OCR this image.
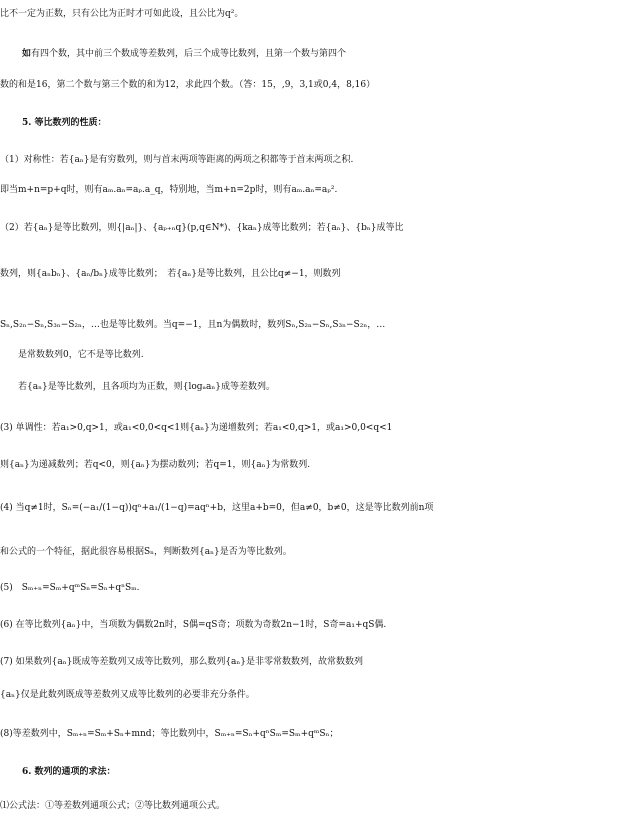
比不一定为正数，只有公比为正时才可如此设，且公比为q²。
如有四个数，其中前三个数成等差数列，后三个成等比数列，且第一个数与第四个
数的和是16，第二个数与第三个数的和为12，求此四个数。（答：15，,9，3,1或0,4，8,16）
5. 等比数列的性质：
（1）对称性：若{aₙ}是有穷数列，则与首末两项等距离的两项之积都等于首末两项之积.
即当m+n=p+q时，则有aₘ.aₙ=aₚ.a_q，特别地，当m+n=2p时，则有aₘ.aₙ=aₚ².
（2）若{aₙ}是等比数列，则{|aₙ|}、{aₚ₊ₙq}(p,q∈N*)、{kaₙ}成等比数列；若{aₙ}、{bₙ}成等比
数列，则{aₙbₙ}、{aₙ/bₙ}成等比数列；　若{aₙ}是等比数列，且公比q≠−1，则数列
Sₙ,S₂ₙ−Sₙ,S₃ₙ−S₂ₙ，…也是等比数列。当q=−1，且n为偶数时，数列Sₙ,S₂ₙ−Sₙ,S₃ₙ−S₂ₙ，…
是常数数列0，它不是等比数列.
若{aₙ}是等比数列，且各项均为正数，则{logₐaₙ}成等差数列。
(3) 单调性：若a₁>0,q>1，或a₁<0,0<q<1则{aₙ}为递增数列；若a₁<0,q>1，或a₁>0,0<q<1
则{aₙ}为递减数列；若q<0，则{aₙ}为摆动数列；若q=1，则{aₙ}为常数列.
(4) 当q≠1时，Sₙ=(−a₁/(1−q))qⁿ+a₁/(1−q)=aqⁿ+b，这里a+b=0，但a≠0，b≠0，这是等比数列前n项
和公式的一个特征，据此很容易根据Sₙ，判断数列{aₙ}是否为等比数列。
(5)　Sₘ₊ₙ=Sₘ+qᵐSₙ=Sₙ+qⁿSₘ.
(6) 在等比数列{aₙ}中，当项数为偶数2n时，S偶=qS奇；项数为奇数2n−1时，S奇=a₁+qS偶.
(7) 如果数列{aₙ}既成等差数列又成等比数列，那么数列{aₙ}是非零常数数列，故常数数列
{aₙ}仅是此数列既成等差数列又成等比数列的必要非充分条件。
(8)等差数列中，Sₘ₊ₙ=Sₘ+Sₙ+mnd；等比数列中，Sₘ₊ₙ=Sₙ+qⁿSₘ=Sₘ+qᵐSₙ；
6. 数列的通项的求法：
⑴公式法：①等差数列通项公式；②等比数列通项公式。
